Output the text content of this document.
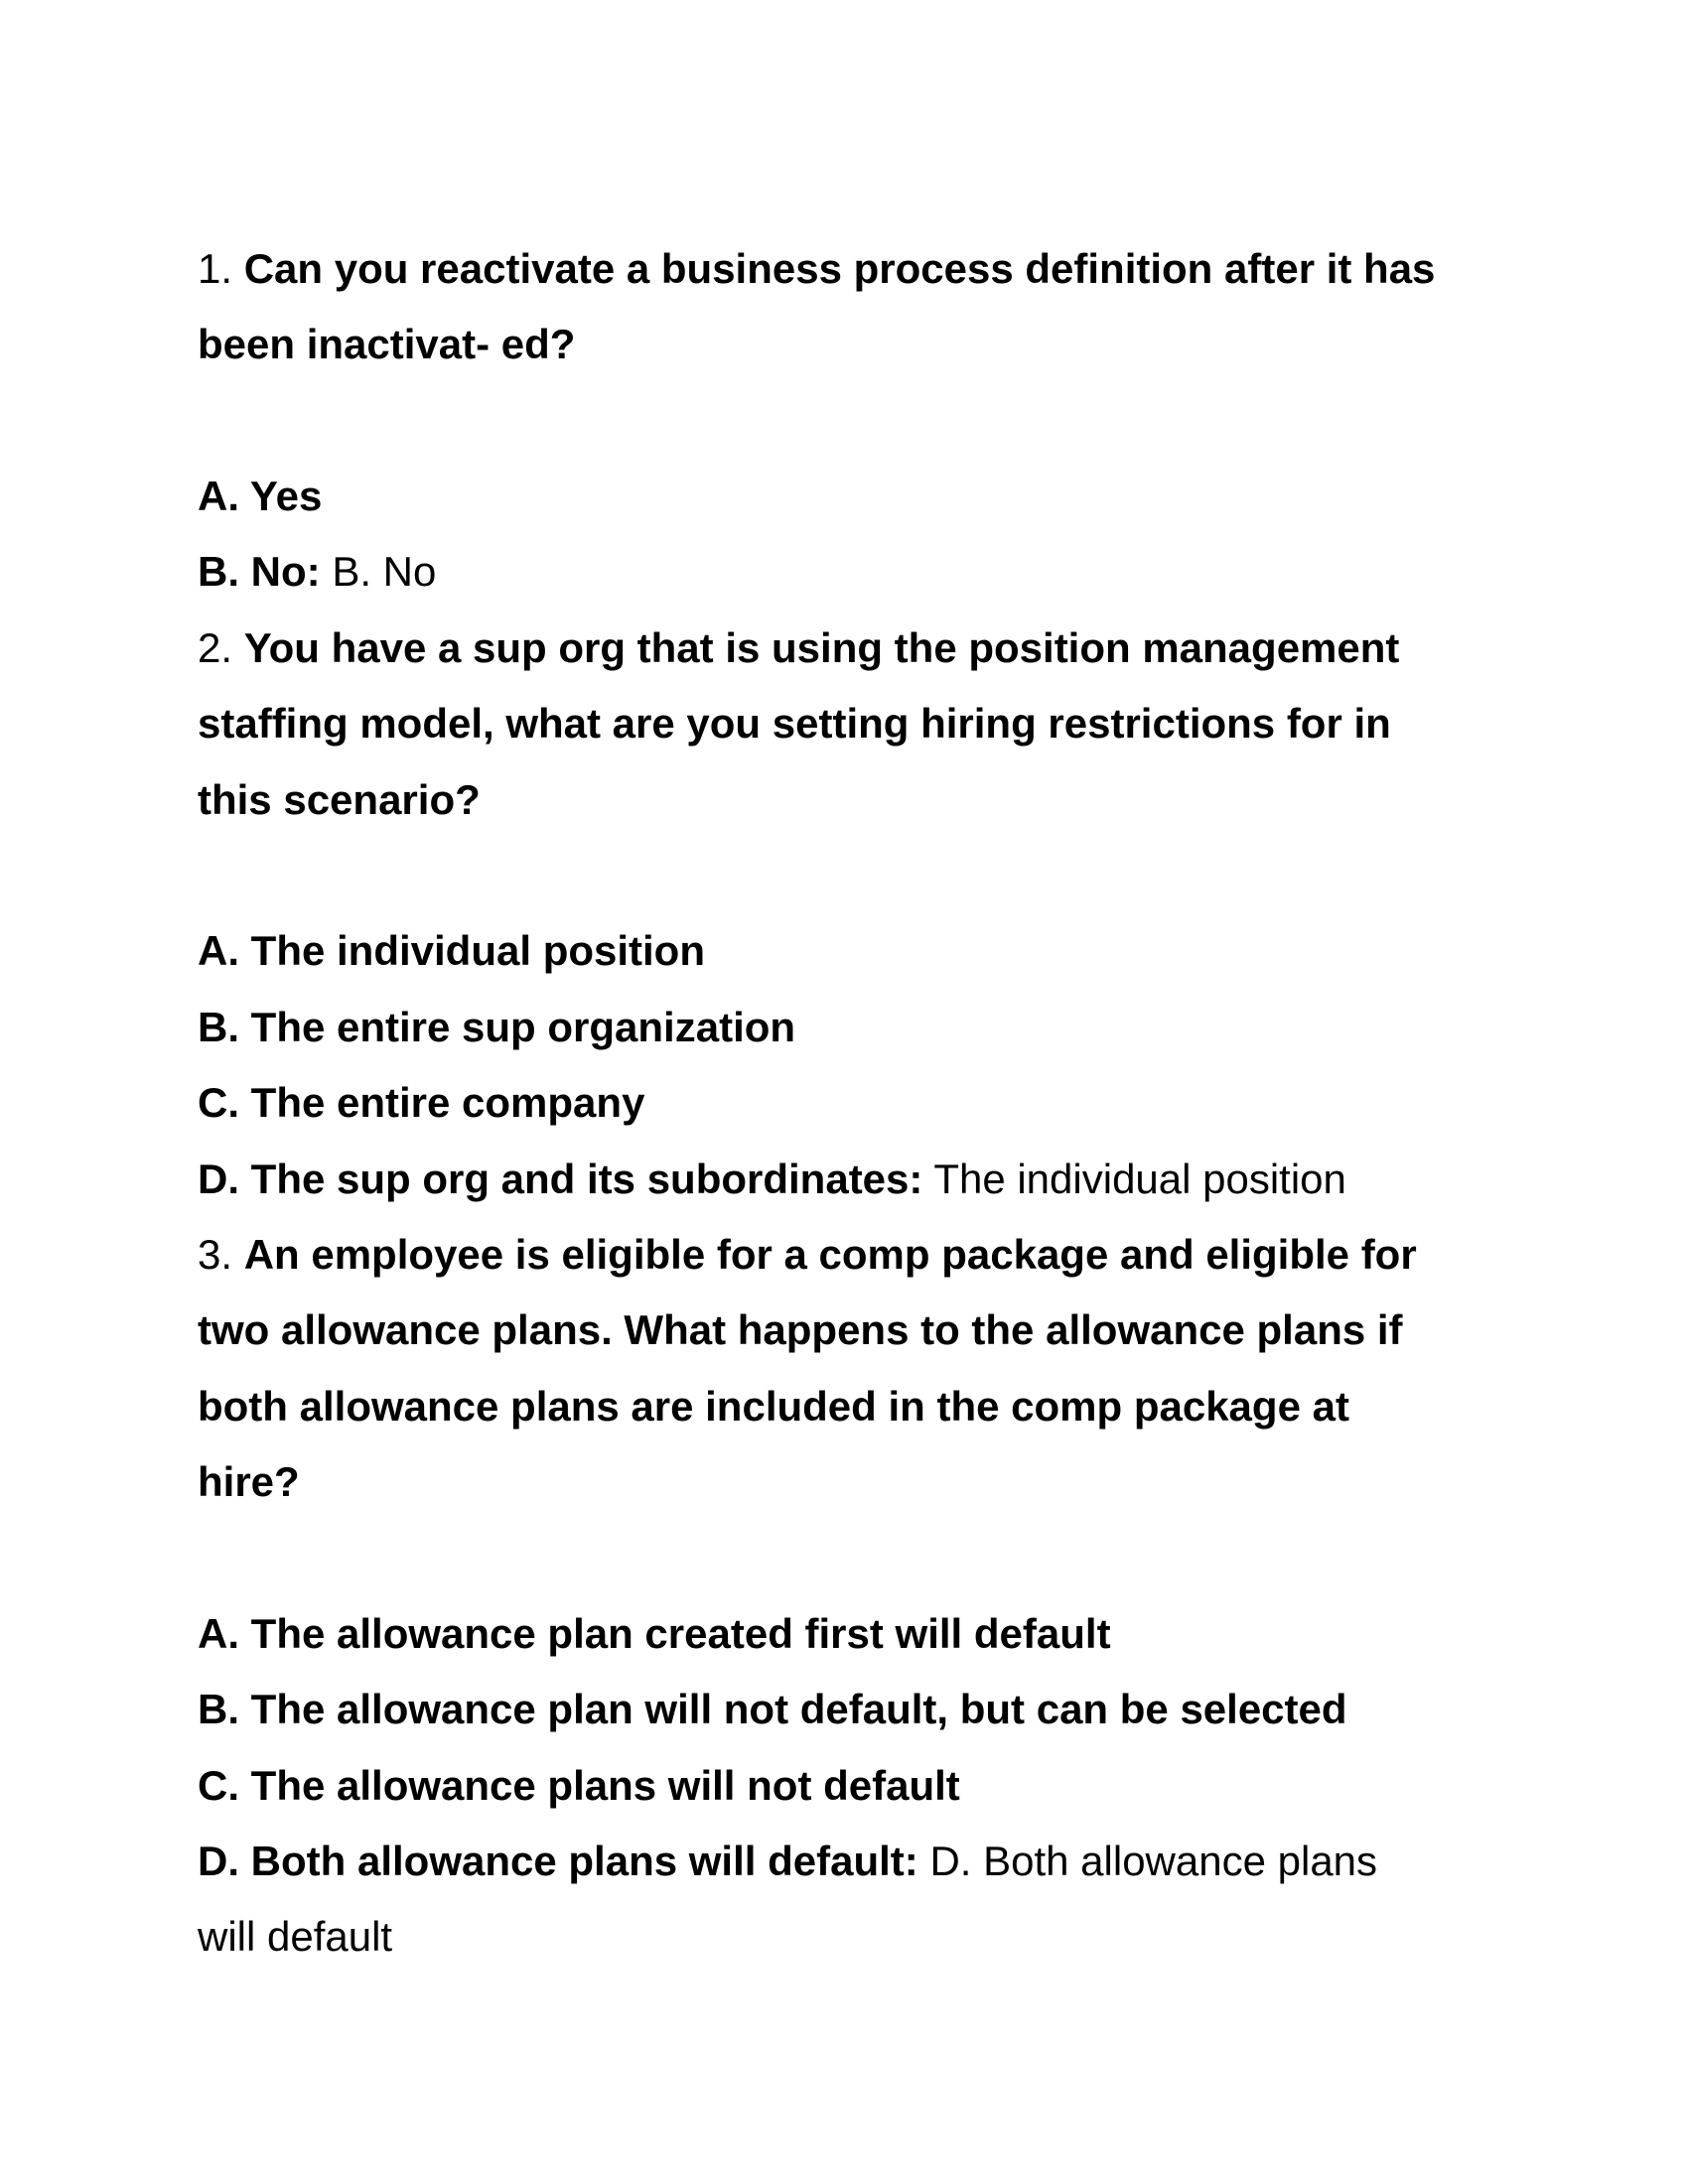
1. Can you reactivate a business process definition after it has
been inactivat- ed?
A. Yes
B. No: B. No
2. You have a sup org that is using the position management
staffing model, what are you setting hiring restrictions for in
this scenario?
A. The individual position
B. The entire sup organization
C. The entire company
D. The sup org and its subordinates: The individual position
3. An employee is eligible for a comp package and eligible for
two allowance plans. What happens to the allowance plans if
both allowance plans are included in the comp package at
hire?
A. The allowance plan created first will default
B. The allowance plan will not default, but can be selected
C. The allowance plans will not default
D. Both allowance plans will default: D. Both allowance plans
will default
